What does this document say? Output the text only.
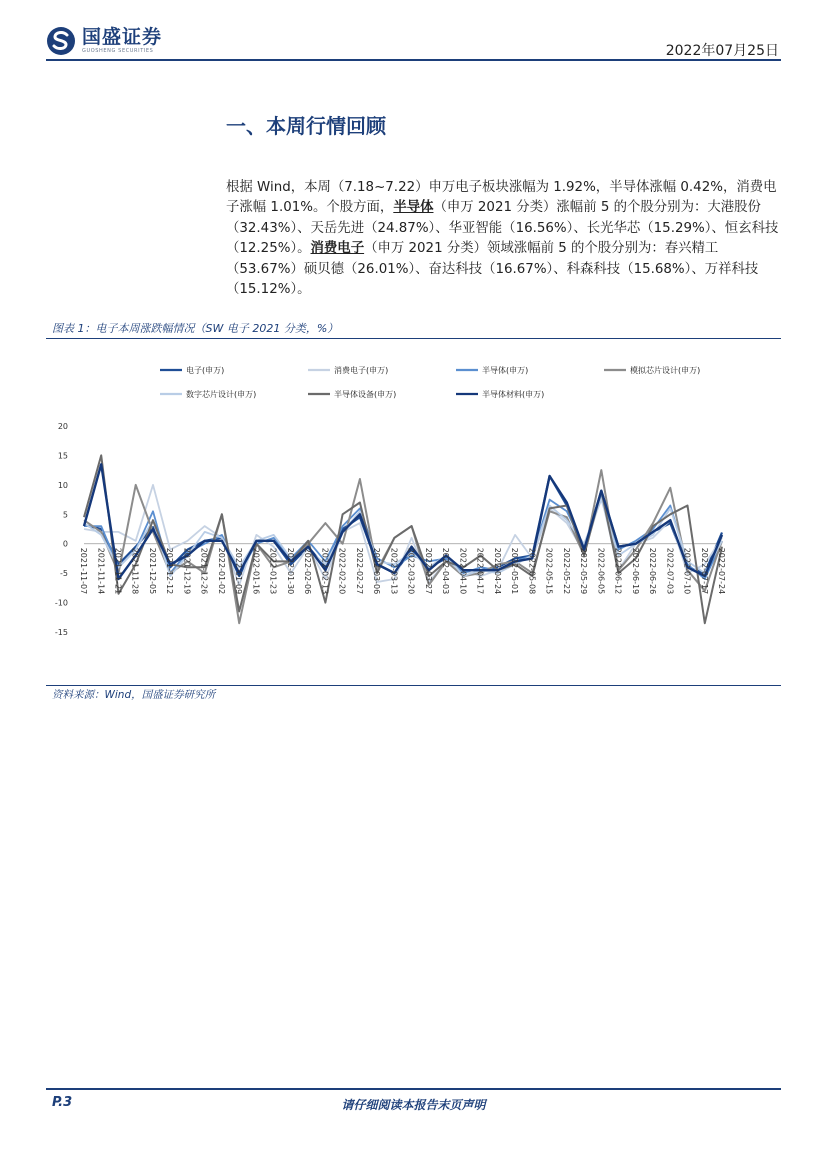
国盛证券
GUOSHENG SECURITIES	2022年07月25日
一、本周行情回顾
根据 Wind，本周（7.18~7.22）申万电子板块涨幅为 1.92%，半导体涨幅 0.42%，消费电子涨幅 1.01%。个股方面，半导体（申万 2021 分类）涨幅前 5 的个股分别为：大港股份（32.43%）、天岳先进（24.87%）、华亚智能（16.56%）、长光华芯（15.29%）、恒玄科技（12.25%）。消费电子（申万 2021 分类）领域涨幅前 5 的个股分别为：春兴精工（53.67%）硕贝德（26.01%）、奋达科技（16.67%）、科森科技（15.68%）、万祥科技（15.12%）。
图表 1：电子本周涨跌幅情况（SW 电子 2021 分类，%）
电子(申万)	消费电子(申万)	半导体(申万)	模拟芯片设计(申万)
数字芯片设计(申万)	半导体设备(申万)	半导体材料(申万)
20
15
10
5
0
-5
-10
-15
2021-11-07 2021-11-14 2021-11-21 2021-11-28 2021-12-05 2021-12-12 2021-12-19 2021-12-26 2022-01-02 2022-01-09 2022-01-16 2022-01-23 2022-01-30 2022-02-06 2022-02-13 2022-02-20 2022-02-27 2022-03-06 2022-03-13 2022-03-20 2022-03-27 2022-04-03 2022-04-10 2022-04-17 2022-04-24 2022-05-01 2022-05-08 2022-05-15 2022-05-22 2022-05-29 2022-06-05 2022-06-12 2022-06-19 2022-06-26 2022-07-03 2022-07-10 2022-07-17 2022-07-24
资料来源：Wind，国盛证券研究所
P.3	请仔细阅读本报告末页声明
